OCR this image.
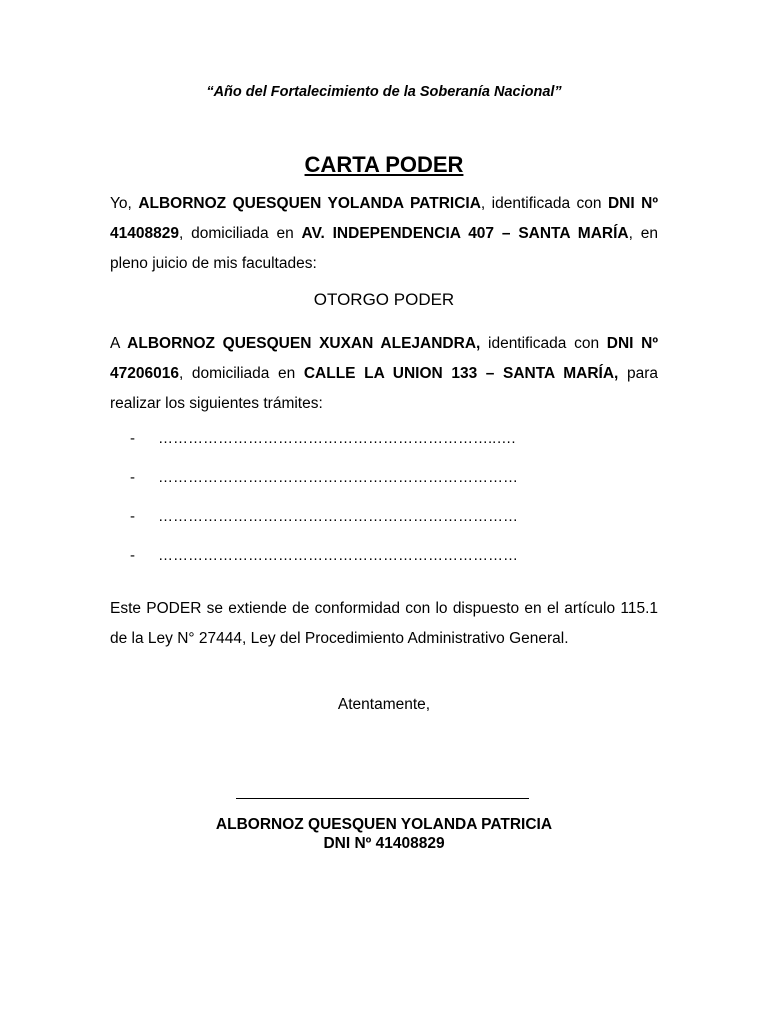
“Año del Fortalecimiento de la Soberanía Nacional”
CARTA PODER
Yo, ALBORNOZ QUESQUEN YOLANDA PATRICIA, identificada con DNI Nº 41408829, domiciliada en AV. INDEPENDENCIA 407 – SANTA MARÍA, en pleno juicio de mis facultades:
OTORGO PODER
A ALBORNOZ QUESQUEN XUXAN ALEJANDRA, identificada con DNI Nº 47206016, domiciliada en CALLE LA UNION 133 – SANTA MARÍA, para realizar los siguientes trámites:
-	…………………………………………………………..….
-	………………………………………………………………
-	………………………………………………………………
-	………………………………………………………………
Este PODER se extiende de conformidad con lo dispuesto en el artículo 115.1 de la Ley N° 27444, Ley del Procedimiento Administrativo General.
Atentamente,
ALBORNOZ QUESQUEN YOLANDA PATRICIA
DNI Nº 41408829
